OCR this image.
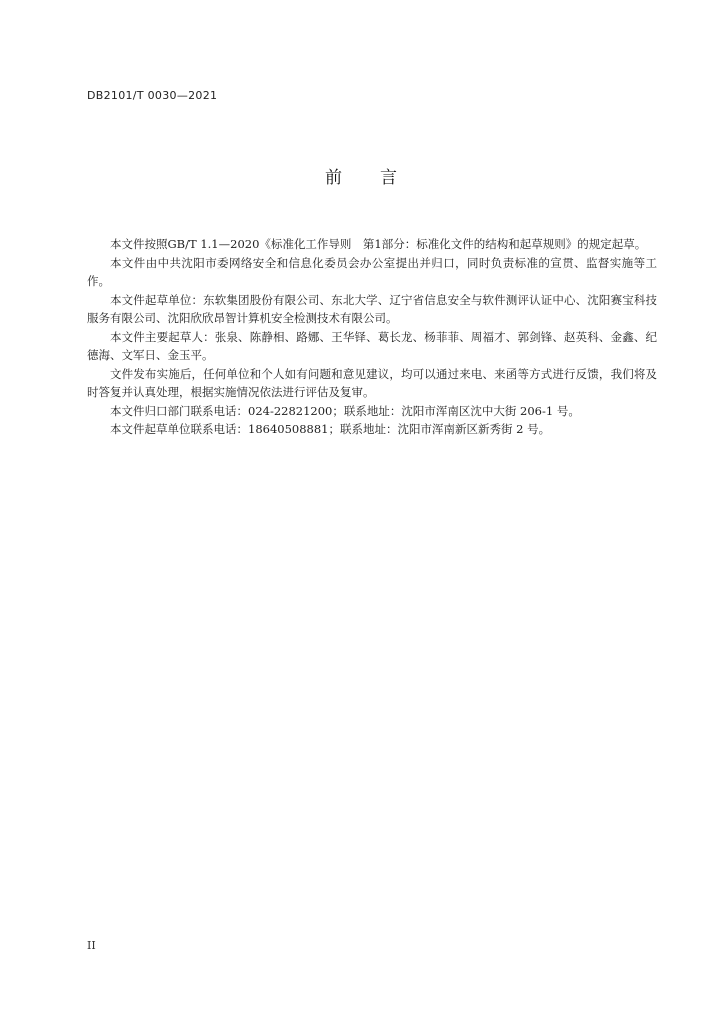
DB2101/T 0030—2021
前 言

本文件按照GB/T 1.1—2020《标准化工作导则　第1部分：标准化文件的结构和起草规则》的规定起草。

本文件由中共沈阳市委网络安全和信息化委员会办公室提出并归口，同时负责标准的宣贯、监督实施等工作。

本文件起草单位：东软集团股份有限公司、东北大学、辽宁省信息安全与软件测评认证中心、沈阳赛宝科技服务有限公司、沈阳欣欣昂智计算机安全检测技术有限公司。

本文件主要起草人：张泉、陈静相、路娜、王华铎、葛长龙、杨菲菲、周福才、郭剑锋、赵英科、金鑫、纪德海、文军日、金玉平。

文件发布实施后，任何单位和个人如有问题和意见建议，均可以通过来电、来函等方式进行反馈，我们将及时答复并认真处理，根据实施情况依法进行评估及复审。

本文件归口部门联系电话：024-22821200；联系地址：沈阳市浑南区沈中大街 206-1 号。

本文件起草单位联系电话：18640508881；联系地址：沈阳市浑南新区新秀街 2 号。

II
